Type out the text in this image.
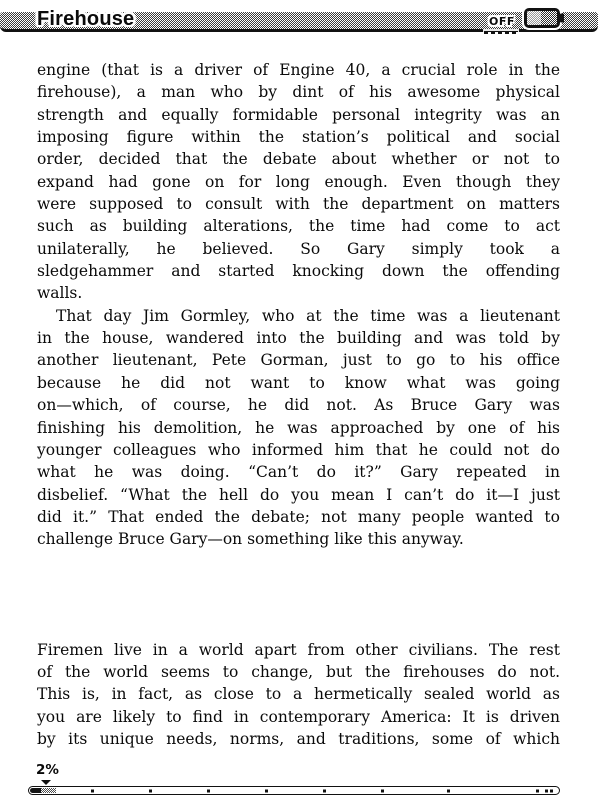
Firehouse	OFF
engine (that is a driver of Engine 40, a crucial role in the
firehouse), a man who by dint of his awesome physical
strength and equally formidable personal integrity was an
imposing figure within the station’s political and social
order, decided that the debate about whether or not to
expand had gone on for long enough. Even though they
were supposed to consult with the department on matters
such as building alterations, the time had come to act
unilaterally, he believed. So Gary simply took a
sledgehammer and started knocking down the offending
walls.
That day Jim Gormley, who at the time was a lieutenant
in the house, wandered into the building and was told by
another lieutenant, Pete Gorman, just to go to his office
because he did not want to know what was going
on—which, of course, he did not. As Bruce Gary was
finishing his demolition, he was approached by one of his
younger colleagues who informed him that he could not do
what he was doing. “Can’t do it?” Gary repeated in
disbelief. “What the hell do you mean I can’t do it—I just
did it.” That ended the debate; not many people wanted to
challenge Bruce Gary—on something like this anyway.
Firemen live in a world apart from other civilians. The rest
of the world seems to change, but the firehouses do not.
This is, in fact, as close to a hermetically sealed world as
you are likely to find in contemporary America: It is driven
by its unique needs, norms, and traditions, some of which
2%
